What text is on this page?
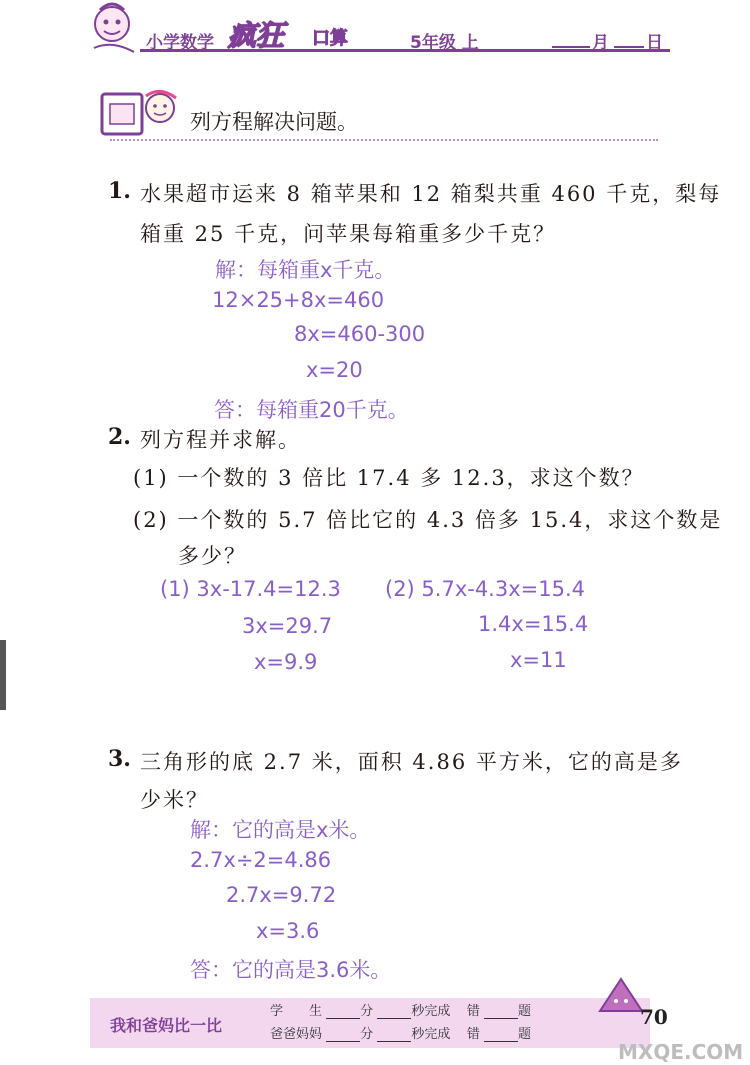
小学数学 疯狂 口算	5年级 上	月 日
列方程解决问题。
1. 水果超市运来 8 箱苹果和 12 箱梨共重 460 千克，梨每
箱重 25 千克，问苹果每箱重多少千克？
解：每箱重x千克。
12×25+8x=460
8x=460-300
x=20
答：每箱重20千克。
2. 列方程并求解。
(1) 一个数的 3 倍比 17.4 多 12.3，求这个数？
(2) 一个数的 5.7 倍比它的 4.3 倍多 15.4，求这个数是
多少？
(1) 3x-17.4=12.3
3x=29.7
x=9.9
(2) 5.7x-4.3x=15.4
1.4x=15.4
x=11
3. 三角形的底 2.7 米，面积 4.86 平方米，它的高是多
少米？
解：它的高是x米。
2.7x÷2=4.86
2.7x=9.72
x=3.6
答：它的高是3.6米。
我和爸妈比一比
学　　生	分	秒完成 错	题
爸爸妈妈	分	秒完成 错	题
70
MXQE.COM
